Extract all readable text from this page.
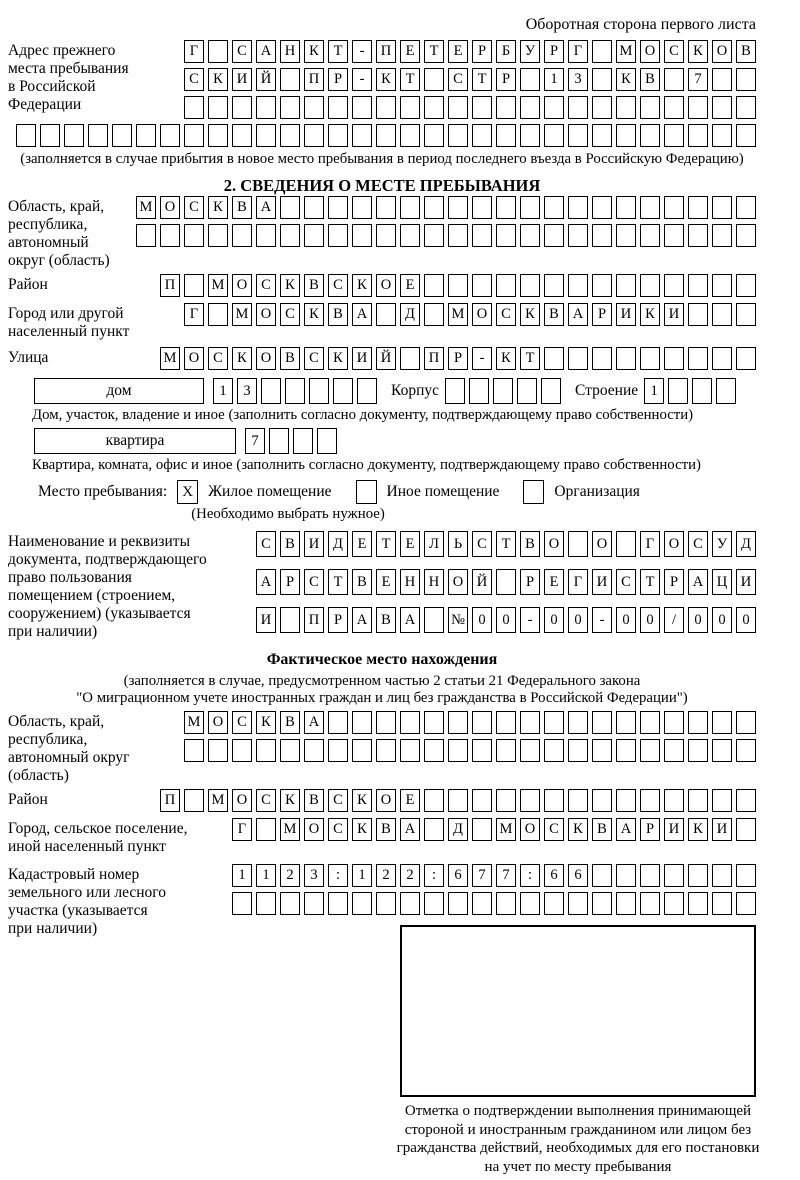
Оборотная сторона первого листа
Адрес прежнего
места пребывания
в Российской
Федерации
Г	С А Н К	Т	-	П Е	Т	Е	Р	Б	У	Р	Г	М О С К О В
С К И Й	П	Р	-	К	Т	С	Т	Р	1	3	К В	7
(заполняется в случае прибытия в новое место пребывания в период последнего въезда в Российскую Федерацию)
2. СВЕДЕНИЯ О МЕСТЕ ПРЕБЫВАНИЯ
Область, край,
республика,
автономный
округ (область)
М О С К В А
Район	П	М О С К В С К О Е
Город или другой
населенный пункт
Г	М О С К В А	Д	М О С К В А	Р	И К И
Улица	М О С К О В С К И Й	П	Р	-	К	Т
дом	1	3	Корпус	Строение 1
Дом, участок, владение и иное (заполнить согласно документу, подтверждающему право собственности)
квартира	7
Квартира, комната, офис и иное (заполнить согласно документу, подтверждающему право собственности)
Место пребывания:	X Жилое помещение	Иное помещение	Организация
(Необходимо выбрать нужное)
Наименование и реквизиты
документа, подтверждающего
право пользования
помещением (строением,
сооружением) (указывается
при наличии)
С В И Д	Е	Т	Е	Л	Ь	С	Т	В О	О	Г	О С У Д
А	Р	С	Т	В	Е Н Н О Й	Р	Е	Г	И С	Т	Р	А Ц И
И	П	Р	А В А	№ 0	0	-	0	0	-	0	0	/	0	0	0
Фактическое место нахождения
(заполняется в случае, предусмотренном частью 2 статьи 21 Федерального закона
"О миграционном учете иностранных граждан и лиц без гражданства в Российской Федерации")
Область, край,
республика,
автономный округ
(область)
М О С К В А
Район	П	М О С К В С К О Е
Город, сельское поселение,
иной населенный пункт
Г	М О С К В А	Д	М О С К В А	Р	И К И
Кадастровый номер
земельного или лесного
участка (указывается
при наличии)
1	1	2	3	:	1	2	2	:	6	7	7	:	6	6
Отметка о подтверждении выполнения принимающей
стороной и иностранным гражданином или лицом без
гражданства действий, необходимых для его постановки
на учет по месту пребывания
